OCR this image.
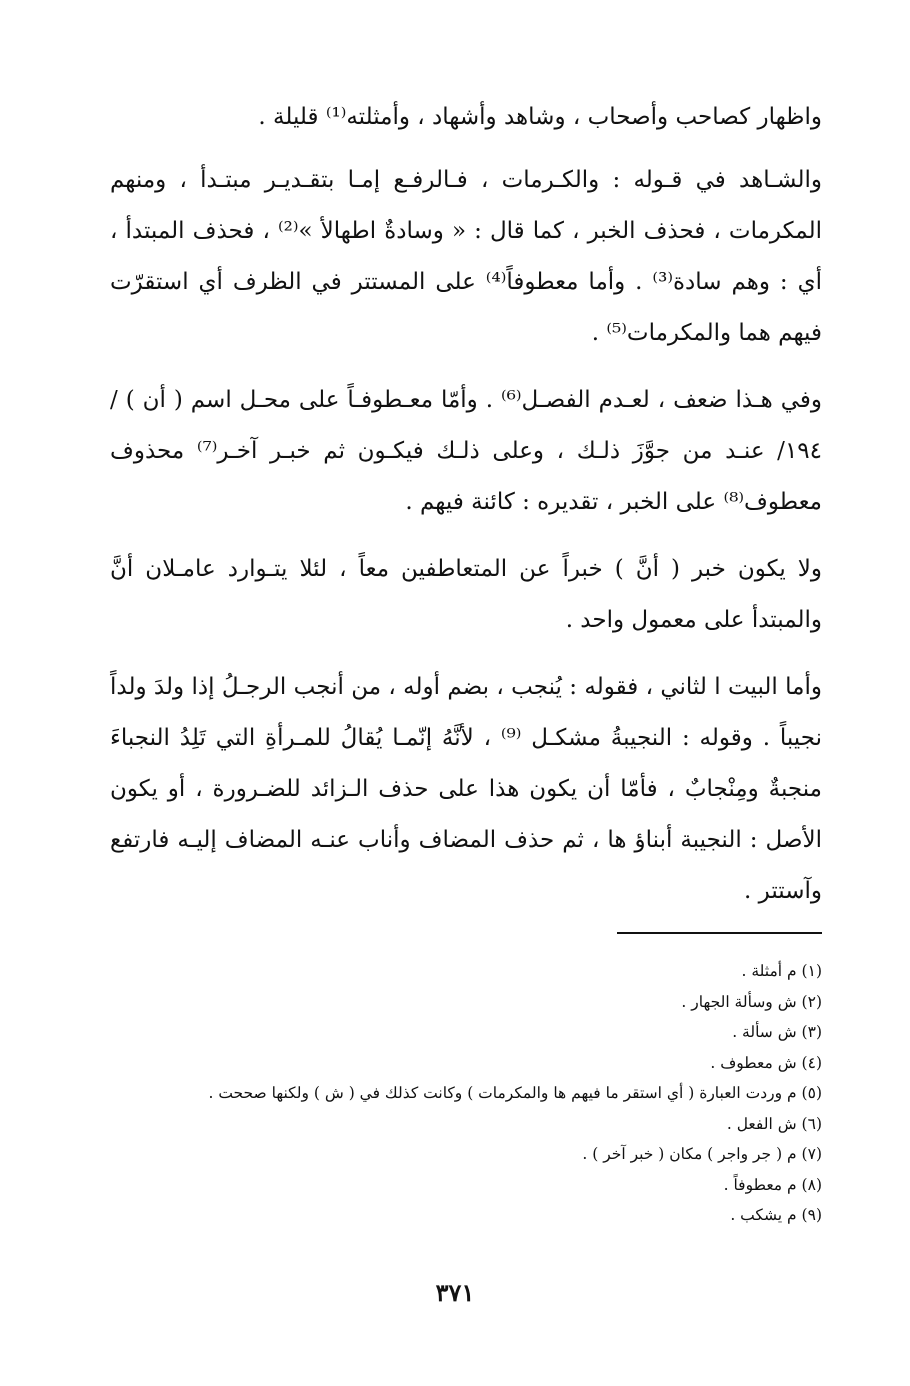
واظهار كصاحب وأصحاب ، وشاهد وأشهاد ، وأمثلته⁽¹⁾ قليلة .

والشـاهد في قـوله : والكـرمات ، فـالرفـع إمـا بتقـديـر مبتـدأ ، ومنهم المكرمات ، فحذف الخبر ، كما قال : « وسادةٌ اطهالأ »⁽²⁾ ، فحذف المبتدأ ، أي : وهم سادة⁽³⁾ . وأما معطوفاً⁽⁴⁾ على المستتر في الظرف أي استقرّت فيهم هما والمكرمات⁽⁵⁾ .

وفي هـذا ضعف ، لعـدم الفصـل⁽⁶⁾ . وأمّا معـطوفـاً على محـل اسم ( أن ) /١٩٤/ عنـد من جوَّزَ ذلـك ، وعلى ذلـك فيكـون ثم خبـر آخـر⁽⁷⁾ محذوف معطوف⁽⁸⁾ على الخبر ، تقديره : كائنة فيهم .

ولا يكون خبر ( أنَّ ) خبراً عن المتعاطفين معاً ، لئلا يتـوارد عامـلان أنَّ والمبتدأ على معمول واحد .

وأما البيت ا لثاني ، فقوله : يُنجب ، بضم أوله ، من أنجب الرجـلُ إذا ولدَ ولداً نجيباً . وقوله : النجيبةُ مشكـل ⁽⁹⁾ ، لأنَّهُ إنّمـا يُقالُ للمـرأةِ التي تَلِدُ النجباءَ منجبةٌ ومِنْجابٌ ، فأمّا أن يكون هذا على حذف الـزائد للضـرورة ، أو يكون الأصل : النجيبة أبناؤ ها ، ثم حذف المضاف وأناب عنـه المضاف إليـه فارتفع وآستتر .

(١) م أمثلة .
(٢) ش وسألة الجهار .
(٣) ش سألة .
(٤) ش معطوف .
(٥) م وردت العبارة ( أي استقر ما فيهم ها والمكرمات ) وكانت كذلك في ( ش ) ولكنها صححت .
(٦) ش الفعل .
(٧) م ( جر واجر ) مكان ( خبر آخر ) .
(٨) م معطوفاً .
(٩) م يشكب .
٣٧١
